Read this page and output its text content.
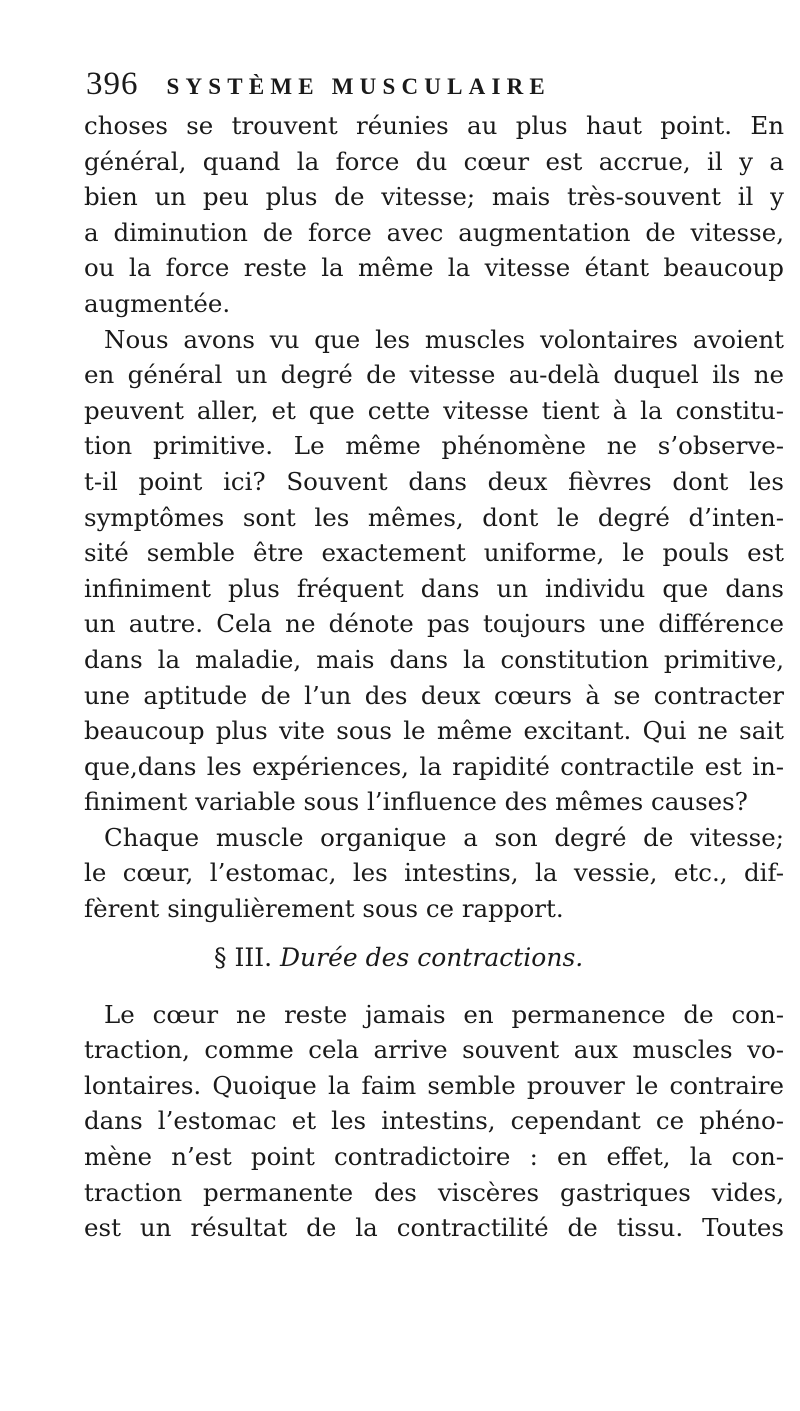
396 SYSTÈME MUSCULAIRE
choses se trouvent réunies au plus haut point. En
général, quand la force du cœur est accrue, il y a
bien un peu plus de vitesse; mais très-souvent il y
a diminution de force avec augmentation de vitesse,
ou la force reste la même la vitesse étant beaucoup
augmentée.
Nous avons vu que les muscles volontaires avoient
en général un degré de vitesse au-delà duquel ils ne
peuvent aller, et que cette vitesse tient à la constitu-
tion primitive. Le même phénomène ne s’observe-
t-il point ici? Souvent dans deux fièvres dont les
symptômes sont les mêmes, dont le degré d’inten-
sité semble être exactement uniforme, le pouls est
infiniment plus fréquent dans un individu que dans
un autre. Cela ne dénote pas toujours une différence
dans la maladie, mais dans la constitution primitive,
une aptitude de l’un des deux cœurs à se contracter
beaucoup plus vite sous le même excitant. Qui ne sait
que,dans les expériences, la rapidité contractile est in-
finiment variable sous l’influence des mêmes causes?
Chaque muscle organique a son degré de vitesse;
le cœur, l’estomac, les intestins, la vessie, etc., dif-
fèrent singulièrement sous ce rapport.
§ III. Durée des contractions.
Le cœur ne reste jamais en permanence de con-
traction, comme cela arrive souvent aux muscles vo-
lontaires. Quoique la faim semble prouver le contraire
dans l’estomac et les intestins, cependant ce phéno-
mène n’est point contradictoire : en effet, la con-
traction permanente des viscères gastriques vides,
est un résultat de la contractilité de tissu. Toutes
